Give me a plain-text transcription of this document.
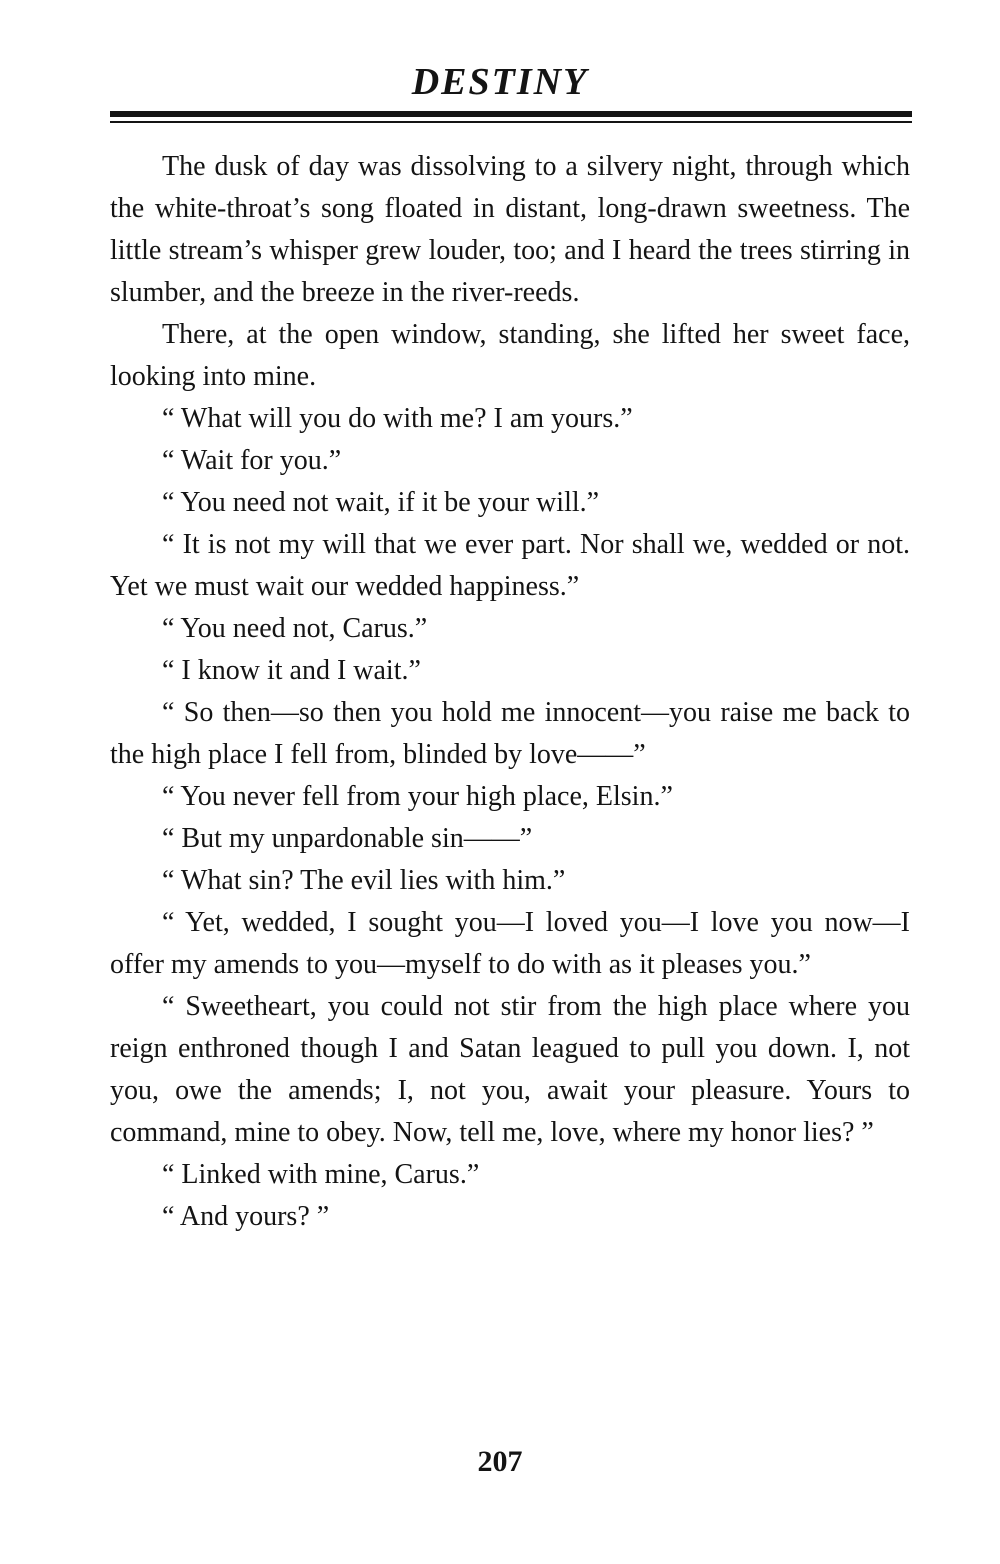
DESTINY

The dusk of day was dissolving to a silvery night, through which the white-throat’s song floated in distant, long-drawn sweetness. The little stream’s whisper grew louder, too; and I heard the trees stirring in slumber, and the breeze in the river-reeds.

There, at the open window, standing, she lifted her sweet face, looking into mine.

“ What will you do with me? I am yours.”

“ Wait for you.”

“ You need not wait, if it be your will.”

“ It is not my will that we ever part. Nor shall we, wedded or not. Yet we must wait our wedded happiness.”

“ You need not, Carus.”

“ I know it and I wait.”

“ So then—so then you hold me innocent—you raise me back to the high place I fell from, blinded by love——”

“ You never fell from your high place, Elsin.”

“ But my unpardonable sin——”

“ What sin? The evil lies with him.”

“ Yet, wedded, I sought you—I loved you—I love you now—I offer my amends to you—myself to do with as it pleases you.”

“ Sweetheart, you could not stir from the high place where you reign enthroned though I and Satan leagued to pull you down. I, not you, owe the amends; I, not you, await your pleasure. Yours to command, mine to obey. Now, tell me, love, where my honor lies? ”

“ Linked with mine, Carus.”

“ And yours? ”

207
